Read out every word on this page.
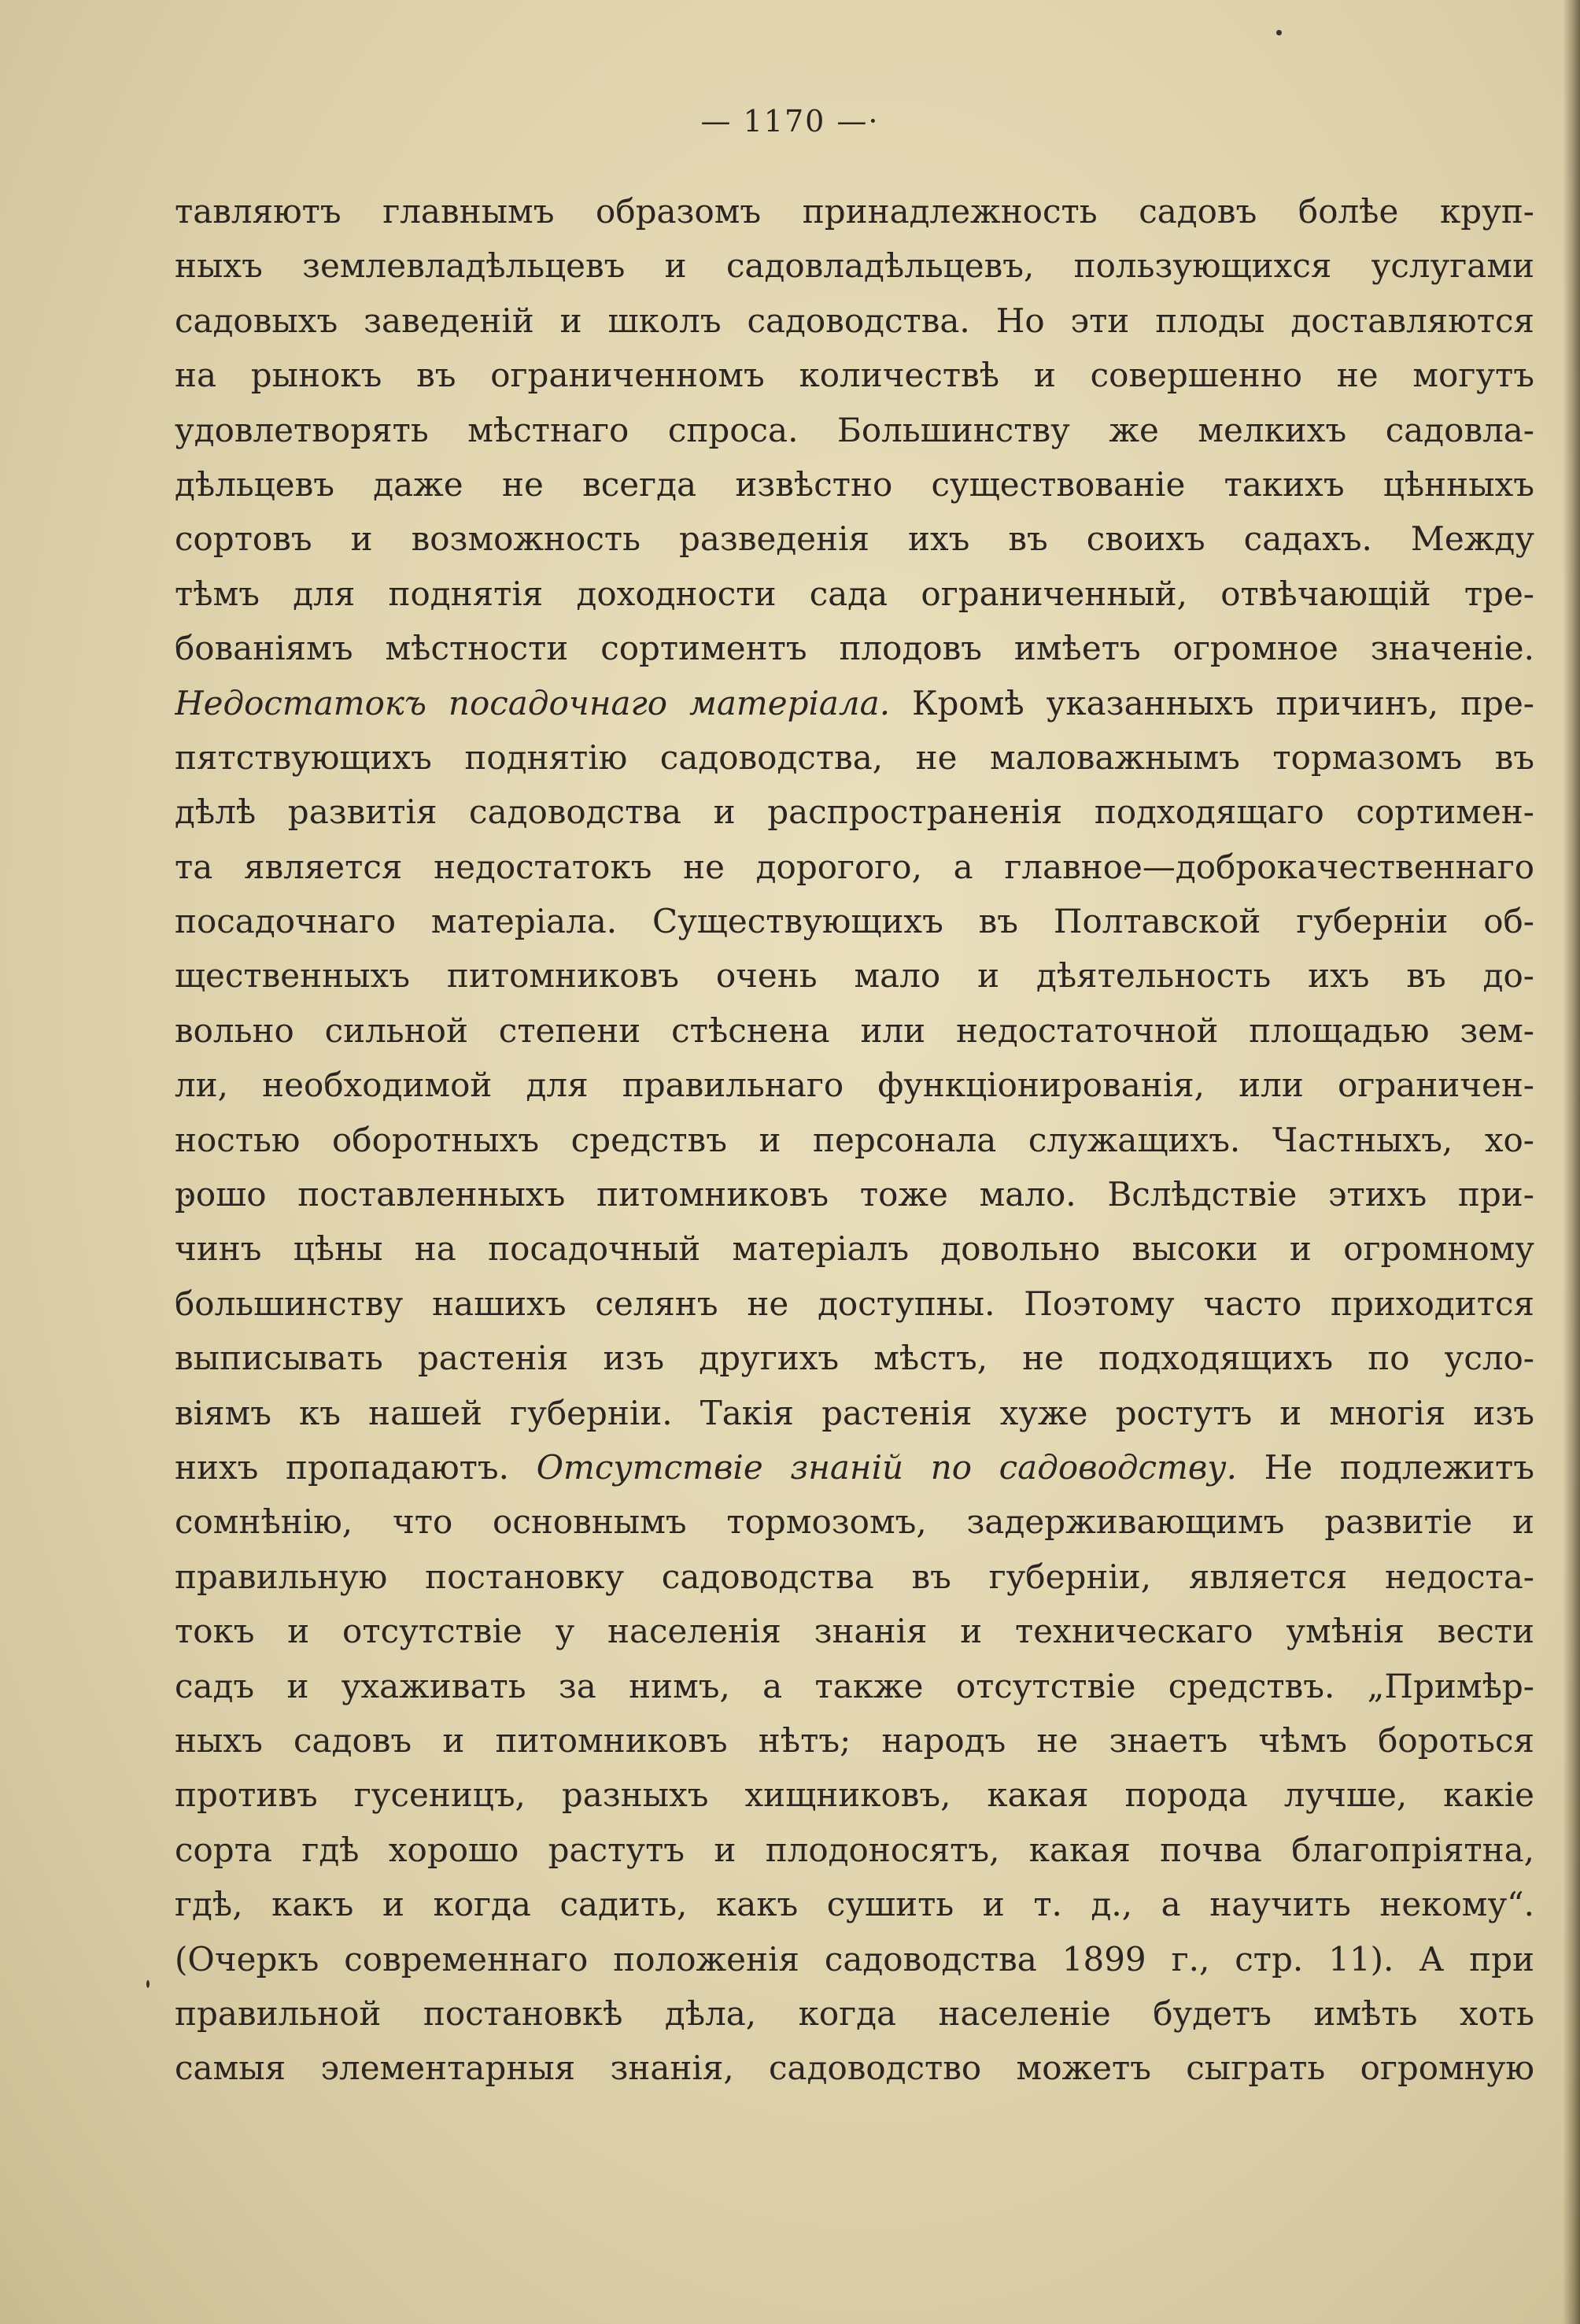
— 1170 —·
тавляютъ главнымъ образомъ принадлежность садовъ болѣе круп-
ныхъ землевладѣльцевъ и садовладѣльцевъ, пользующихся услугами
садовыхъ заведеній и школъ садоводства. Но эти плоды доставляются
на рынокъ въ ограниченномъ количествѣ и совершенно не могутъ
удовлетворять мѣстнаго спроса. Большинству же мелкихъ садовла-
дѣльцевъ даже не всегда извѣстно существованіе такихъ цѣнныхъ
сортовъ и возможность разведенія ихъ въ своихъ садахъ. Между
тѣмъ для поднятія доходности сада ограниченный, отвѣчающій тре-
бованіямъ мѣстности сортиментъ плодовъ имѣетъ огромное значеніе.
Недостатокъ посадочнаго матеріала. Кромѣ указанныхъ причинъ, пре-
пятствующихъ поднятію садоводства, не маловажнымъ тормазомъ въ
дѣлѣ развитія садоводства и распространенія подходящаго сортимен-
та является недостатокъ не дорогого, а главное—доброкачественнаго
посадочнаго матеріала. Существующихъ въ Полтавской губерніи об-
щественныхъ питомниковъ очень мало и дѣятельность ихъ въ до-
вольно сильной степени стѣснена или недостаточной площадью зем-
ли, необходимой для правильнаго функціонированія, или ограничен-
ностью оборотныхъ средствъ и персонала служащихъ. Частныхъ, хо-
рошо поставленныхъ питомниковъ тоже мало. Вслѣдствіе этихъ при-
чинъ цѣны на посадочный матеріалъ довольно высоки и огромному
большинству нашихъ селянъ не доступны. Поэтому часто приходится
выписывать растенія изъ другихъ мѣстъ, не подходящихъ по усло-
віямъ къ нашей губерніи. Такія растенія хуже ростутъ и многія изъ
нихъ пропадаютъ. Отсутствіе знаній по садоводству. Не подлежитъ
сомнѣнію, что основнымъ тормозомъ, задерживающимъ развитіе и
правильную постановку садоводства въ губерніи, является недоста-
токъ и отсутствіе у населенія знанія и техническаго умѣнія вести
садъ и ухаживать за нимъ, а также отсутствіе средствъ. „Примѣр-
ныхъ садовъ и питомниковъ нѣтъ; народъ не знаетъ чѣмъ бороться
противъ гусеницъ, разныхъ хищниковъ, какая порода лучше, какіе
сорта гдѣ хорошо растутъ и плодоносятъ, какая почва благопріятна,
гдѣ, какъ и когда садить, какъ сушить и т. д., а научить некому“.
(Очеркъ современнаго положенія садоводства 1899 г., стр. 11). А при
правильной постановкѣ дѣла, когда населеніе будетъ имѣть хоть
самыя элементарныя знанія, садоводство можетъ сыграть огромную
